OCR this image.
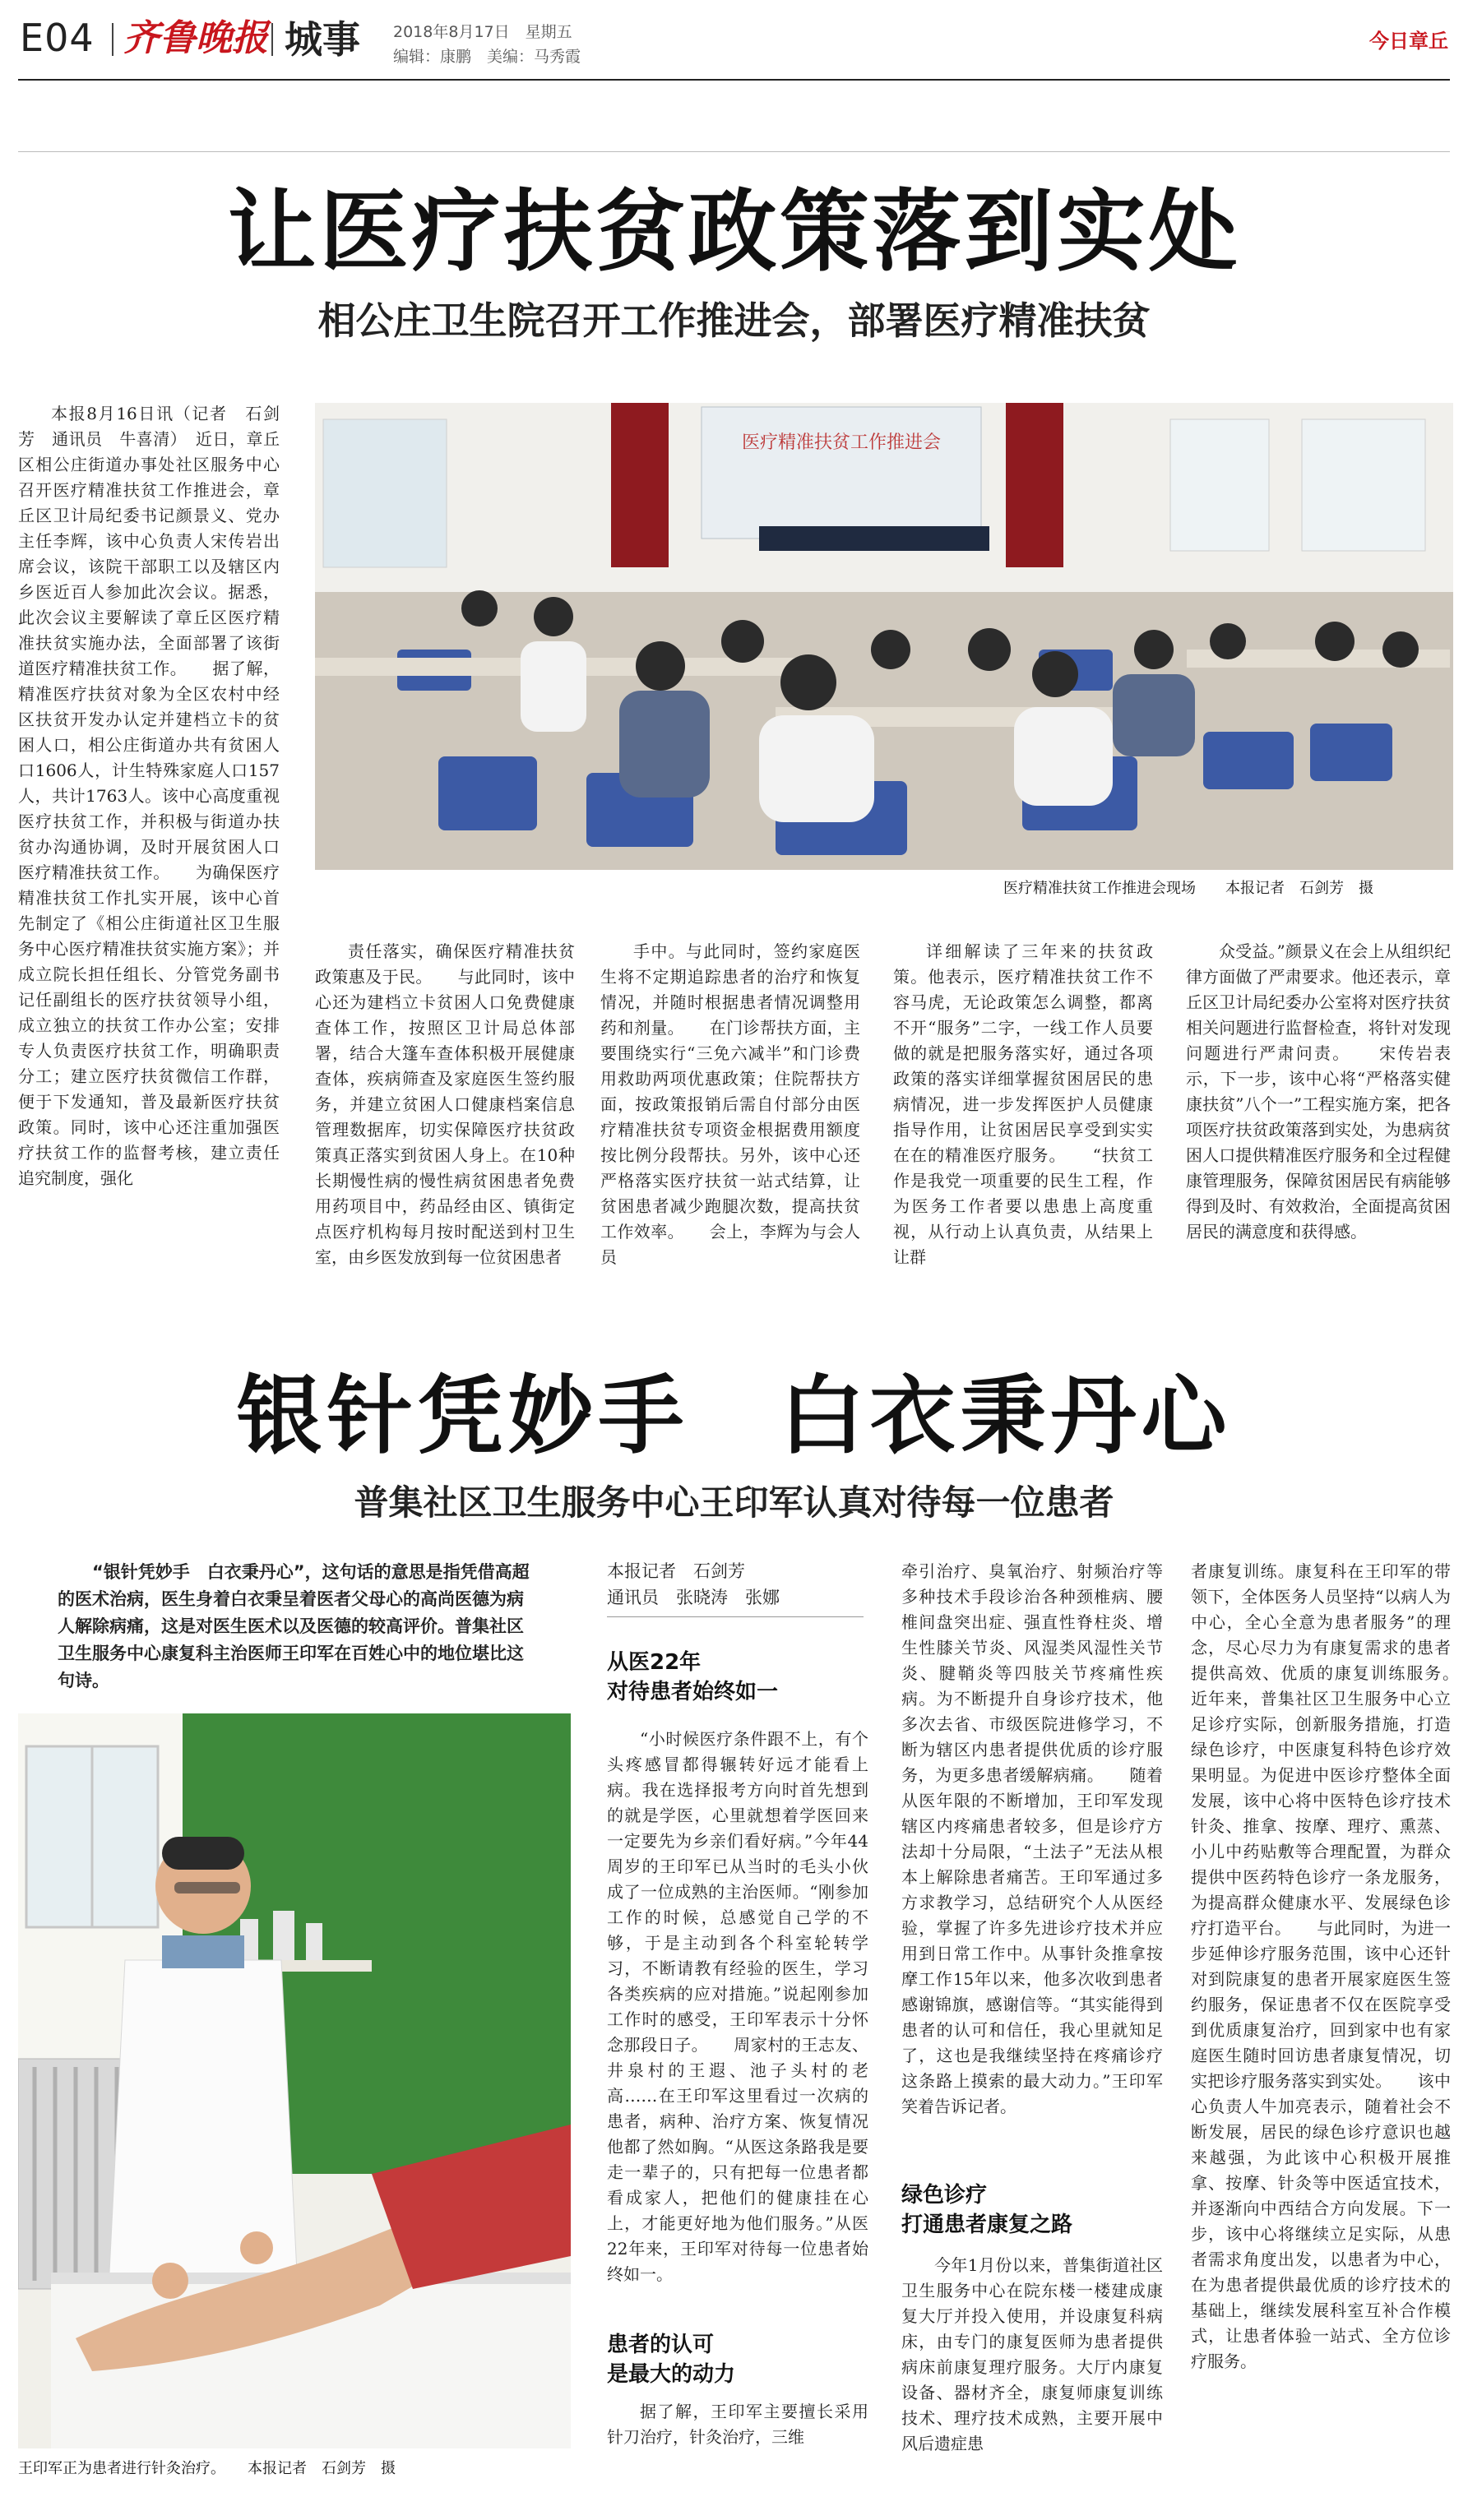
E04 齐鲁晚报 城事 2018年8月17日　星期五
编辑：康鹏　美编：马秀霞
今日章丘
让医疗扶贫政策落到实处
相公庄卫生院召开工作推进会，部署医疗精准扶贫
医疗精准扶贫工作推进会
医疗精准扶贫工作推进会现场　　本报记者　石剑芳　摄

本报8月16日讯（记者　石剑芳　通讯员　牛喜清）　近日，章丘区相公庄街道办事处社区服务中心召开医疗精准扶贫工作推进会，章丘区卫计局纪委书记颜景义、党办主任李辉，该中心负责人宋传岩出席会议，该院干部职工以及辖区内乡医近百人参加此次会议。据悉，此次会议主要解读了章丘区医疗精准扶贫实施办法，全面部署了该街道医疗精准扶贫工作。　　据了解，精准医疗扶贫对象为全区农村中经区扶贫开发办认定并建档立卡的贫困人口，相公庄街道办共有贫困人口1606人，计生特殊家庭人口157人，共计1763人。该中心高度重视医疗扶贫工作，并积极与街道办扶贫办沟通协调，及时开展贫困人口医疗精准扶贫工作。　　为确保医疗精准扶贫工作扎实开展，该中心首先制定了《相公庄街道社区卫生服务中心医疗精准扶贫实施方案》；并成立院长担任组长、分管党务副书记任副组长的医疗扶贫领导小组，成立独立的扶贫工作办公室；安排专人负责医疗扶贫工作，明确职责分工；建立医疗扶贫微信工作群，便于下发通知，普及最新医疗扶贫政策。同时，该中心还注重加强医疗扶贫工作的监督考核，建立责任追究制度，强化

责任落实，确保医疗精准扶贫政策惠及于民。　　与此同时，该中心还为建档立卡贫困人口免费健康查体工作，按照区卫计局总体部署，结合大篷车查体积极开展健康查体，疾病筛查及家庭医生签约服务，并建立贫困人口健康档案信息管理数据库，切实保障医疗扶贫政策真正落实到贫困人身上。在10种长期慢性病的慢性病贫困患者免费用药项目中，药品经由区、镇街定点医疗机构每月按时配送到村卫生室，由乡医发放到每一位贫困患者

手中。与此同时，签约家庭医生将不定期追踪患者的治疗和恢复情况，并随时根据患者情况调整用药和剂量。　　在门诊帮扶方面，主要围绕实行“三免六减半”和门诊费用救助两项优惠政策；住院帮扶方面，按政策报销后需自付部分由医疗精准扶贫专项资金根据费用额度按比例分段帮扶。另外，该中心还严格落实医疗扶贫一站式结算，让贫困患者减少跑腿次数，提高扶贫工作效率。　　会上，李辉为与会人员

详细解读了三年来的扶贫政策。他表示，医疗精准扶贫工作不容马虎，无论政策怎么调整，都离不开“服务”二字，一线工作人员要做的就是把服务落实好，通过各项政策的落实详细掌握贫困居民的患病情况，进一步发挥医护人员健康指导作用，让贫困居民享受到实实在在的精准医疗服务。　　“扶贫工作是我党一项重要的民生工程，作为医务工作者要以患患上高度重视，从行动上认真负责，从结果上让群

众受益。”颜景义在会上从组织纪律方面做了严肃要求。他还表示，章丘区卫计局纪委办公室将对医疗扶贫相关问题进行监督检查，将针对发现问题进行严肃问责。　　宋传岩表示，下一步，该中心将“严格落实健康扶贫”八个一”工程实施方案，把各项医疗扶贫政策落到实处，为患病贫困人口提供精准医疗服务和全过程健康管理服务，保障贫困居民有病能够得到及时、有效救治，全面提高贫困居民的满意度和获得感。

银针凭妙手　白衣秉丹心
普集社区卫生服务中心王印军认真对待每一位患者
“银针凭妙手　白衣秉丹心”，这句话的意思是指凭借高超的医术治病，医生身着白衣秉呈着医者父母心的高尚医德为病人解除病痛，这是对医生医术以及医德的较高评价。普集社区卫生服务中心康复科主治医师王印军在百姓心中的地位堪比这句诗。
王印军正为患者进行针灸治疗。　　本报记者　石剑芳　摄
本报记者　石剑芳
通讯员　张晓涛　张娜
从医22年
对待患者始终如一

“小时候医疗条件跟不上，有个头疼感冒都得辗转好远才能看上病。我在选择报考方向时首先想到的就是学医，心里就想着学医回来一定要先为乡亲们看好病。”今年44周岁的王印军已从当时的毛头小伙成了一位成熟的主治医师。“刚参加工作的时候，总感觉自己学的不够，于是主动到各个科室轮转学习，不断请教有经验的医生，学习各类疾病的应对措施。”说起刚参加工作时的感受，王印军表示十分怀念那段日子。　　周家村的王志友、井泉村的王遐、池子头村的老高……在王印军这里看过一次病的患者，病种、治疗方案、恢复情况他都了然如胸。“从医这条路我是要走一辈子的，只有把每一位患者都看成家人，把他们的健康挂在心上，才能更好地为他们服务。”从医22年来，王印军对待每一位患者始终如一。

患者的认可
是最大的动力

据了解，王印军主要擅长采用针刀治疗，针灸治疗，三维

牵引治疗、臭氧治疗、射频治疗等多种技术手段诊治各种颈椎病、腰椎间盘突出症、强直性脊柱炎、增生性膝关节炎、风湿类风湿性关节炎、腱鞘炎等四肢关节疼痛性疾病。为不断提升自身诊疗技术，他多次去省、市级医院进修学习，不断为辖区内患者提供优质的诊疗服务，为更多患者缓解病痛。　　随着从医年限的不断增加，王印军发现辖区内疼痛患者较多，但是诊疗方法却十分局限，“土法子”无法从根本上解除患者痛苦。王印军通过多方求教学习，总结研究个人从医经验，掌握了许多先进诊疗技术并应用到日常工作中。从事针灸推拿按摩工作15年以来，他多次收到患者感谢锦旗，感谢信等。“其实能得到患者的认可和信任，我心里就知足了，这也是我继续坚持在疼痛诊疗这条路上摸索的最大动力。”王印军笑着告诉记者。

绿色诊疗
打通患者康复之路

今年1月份以来，普集街道社区卫生服务中心在院东楼一楼建成康复大厅并投入使用，并设康复科病床，由专门的康复医师为患者提供病床前康复理疗服务。大厅内康复设备、器材齐全，康复师康复训练技术、理疗技术成熟，主要开展中风后遗症患

者康复训练。康复科在王印军的带领下，全体医务人员坚持“以病人为中心，全心全意为患者服务”的理念，尽心尽力为有康复需求的患者提供高效、优质的康复训练服务。　　近年来，普集社区卫生服务中心立足诊疗实际，创新服务措施，打造绿色诊疗，中医康复科特色诊疗效果明显。为促进中医诊疗整体全面发展，该中心将中医特色诊疗技术针灸、推拿、按摩、理疗、熏蒸、小儿中药贴敷等合理配置，为群众提供中医药特色诊疗一条龙服务，为提高群众健康水平、发展绿色诊疗打造平台。　　与此同时，为进一步延伸诊疗服务范围，该中心还针对到院康复的患者开展家庭医生签约服务，保证患者不仅在医院享受到优质康复治疗，回到家中也有家庭医生随时回访患者康复情况，切实把诊疗服务落实到实处。　　该中心负责人牛加亮表示，随着社会不断发展，居民的绿色诊疗意识也越来越强，为此该中心积极开展推拿、按摩、针灸等中医适宜技术，并逐渐向中西结合方向发展。下一步，该中心将继续立足实际，从患者需求角度出发，以患者为中心，在为患者提供最优质的诊疗技术的基础上，继续发展科室互补合作模式，让患者体验一站式、全方位诊疗服务。
